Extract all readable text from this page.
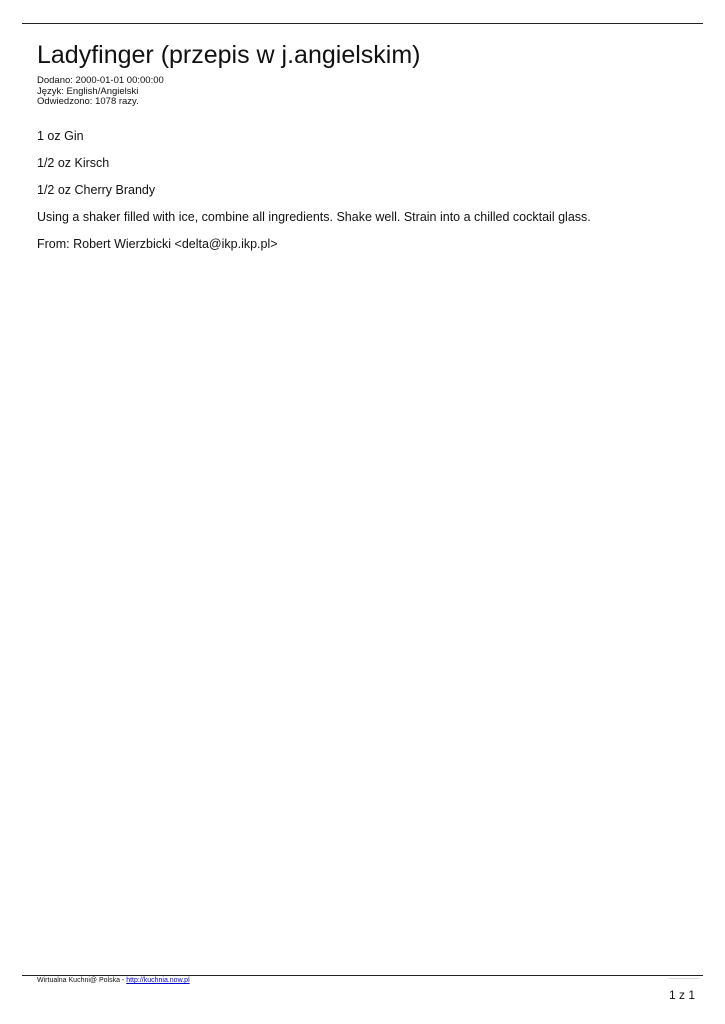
Ladyfinger (przepis w j.angielskim)
Dodano: 2000-01-01 00:00:00
Język: English/Angielski
Odwiedzono: 1078 razy.

1 oz Gin

1/2 oz Kirsch

1/2 oz Cherry Brandy

Using a shaker filled with ice, combine all ingredients. Shake well. Strain into a chilled cocktail glass.

From: Robert Wierzbicki <delta@ikp.ikp.pl>

Wirtualna Kuchni@ Polska - http://kuchnia.now.pl
1 z 1
